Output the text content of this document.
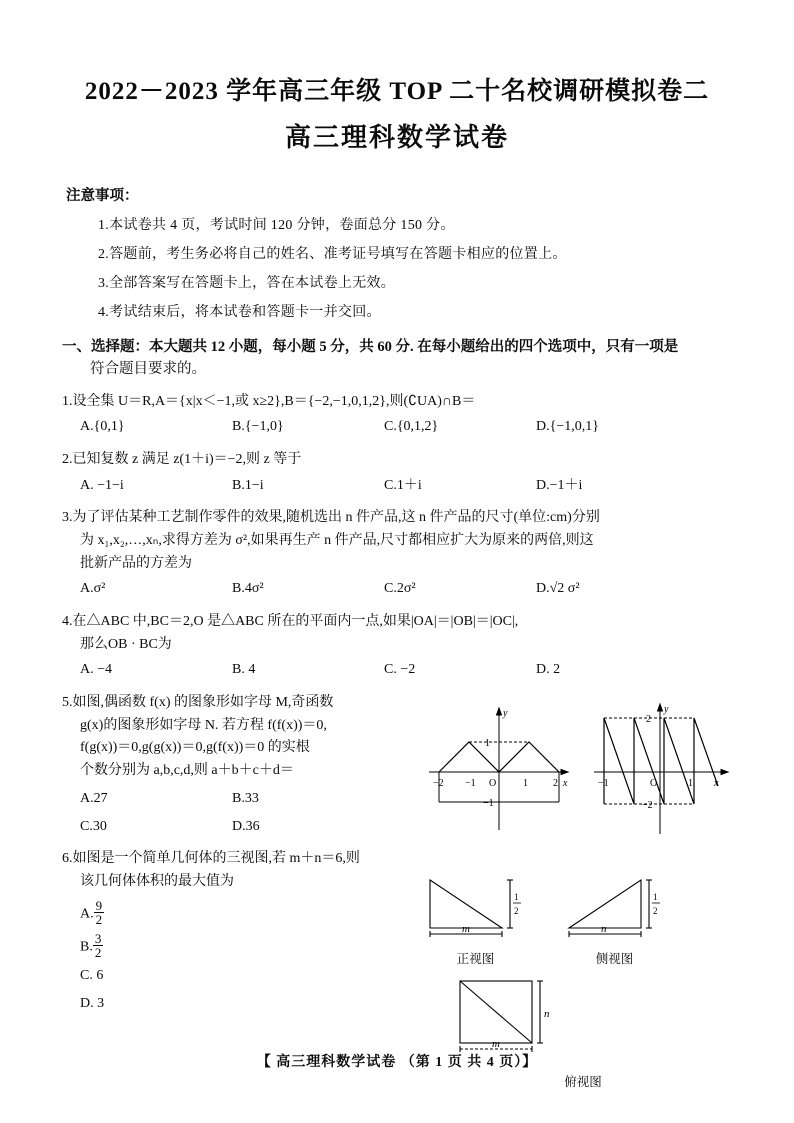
2022－2023 学年高三年级 TOP 二十名校调研模拟卷二
高三理科数学试卷
注意事项：
1.本试卷共 4 页，考试时间 120 分钟，卷面总分 150 分。
2.答题前，考生务必将自己的姓名、准考证号填写在答题卡相应的位置上。
3.全部答案写在答题卡上，答在本试卷上无效。
4.考试结束后，将本试卷和答题卡一并交回。
一、选择题：本大题共 12 小题，每小题 5 分，共 60 分. 在每小题给出的四个选项中，只有一项是
符合题目要求的。
1.设全集 U＝R,A＝{x|x＜−1,或 x≥2},B＝{−2,−1,0,1,2},则(∁UA)∩B＝
A.{0,1}	B.{−1,0}	C.{0,1,2}	D.{−1,0,1}
2.已知复数 z 满足 z(1＋i)＝−2,则 z 等于
A. −1−i	B.1−i	C.1＋i	D.−1＋i
3.为了评估某种工艺制作零件的效果,随机选出 n 件产品,这 n 件产品的尺寸(单位:cm)分别
为 x₁,x₂,…,xₙ,求得方差为 σ²,如果再生产 n 件产品,尺寸都相应扩大为原来的两倍,则这
批新产品的方差为
A.σ²	B.4σ²	C.2σ²	D.√2 σ²
4.在△ABC 中,BC＝2,O 是△ABC 所在的平面内一点,如果|OA|＝|OB|＝|OC|,
那么OB · BC为
A. −4	B. 4	C. −2	D. 2
5.如图,偶函数 f(x) 的图象形如字母 M,奇函数
g(x)的图象形如字母 N. 若方程 f(f(x))＝0,
f(g(x))＝0,g(g(x))＝0,g(f(x))＝0 的实根
个数分别为 a,b,c,d,则 a＋b＋c＋d＝
A.27	B.33
C.30	D.36
−2 −1 O	1	2 x
y
1
−1
−1	O	1 x
y
2
−2
6.如图是一个简单几何体的三视图,若 m＋n＝6,则
该几何体体积的最大值为
A. $\frac{9}{2}$
B. $\frac{3}{2}$
C. 6
D. 3
m
1
2
正视图
n
1
2
侧视图
m
n
俯视图
【 高三理科数学试卷 （第 1 页 共 4 页）】
